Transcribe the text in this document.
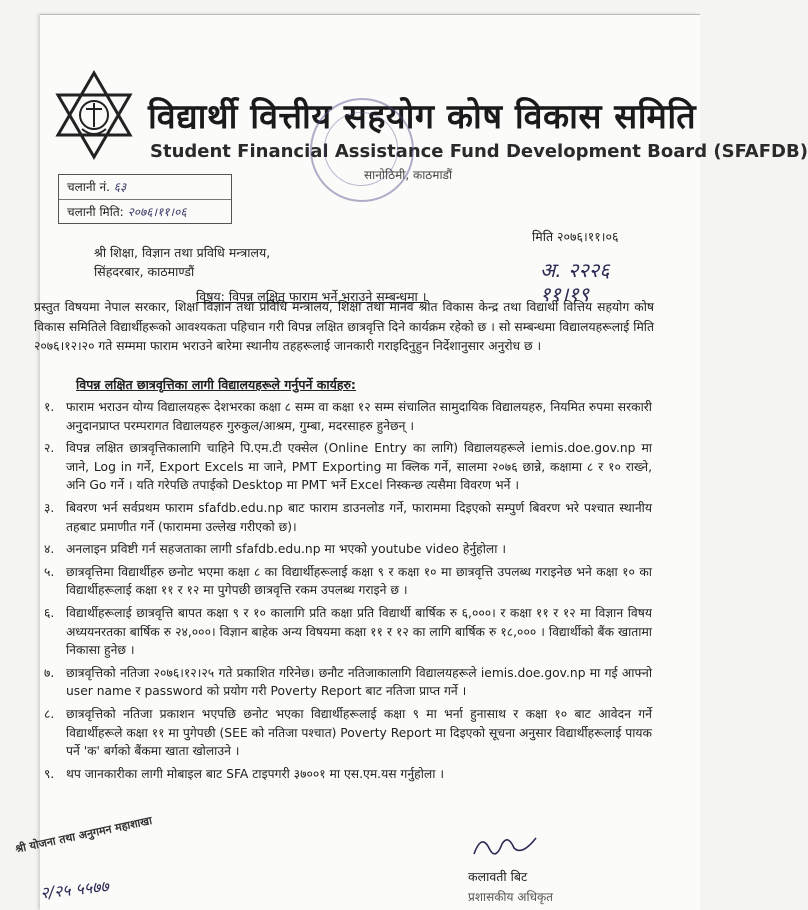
विद्यार्थी वित्तीय सहयोग कोष विकास समिति
Student Financial Assistance Fund Development Board (SFAFDB)
सानोठिमी, काठमाडौं
चलानी नं. ६३
चलानी मिति: २०७६।११।०६
मिति २०७६।११।०६
श्री शिक्षा, विज्ञान तथा प्रविधि मन्त्रालय,
सिंहदरबार, काठमाण्डौं	अ. २२२६
११।१९
विषय: विपन्न लक्षित फाराम भर्ने भराउने सम्बन्धमा ।
प्रस्तुत विषयमा नेपाल सरकार, शिक्षा विज्ञान तथा प्रविधि मन्त्रालय, शिक्षा तथा मानव श्रोत विकास केन्द्र तथा विद्यार्थी वित्तिय सहयोग कोष विकास समितिले विद्यार्थीहरूको आवश्यकता पहिचान गरी विपन्न लक्षित छात्रवृत्ति दिने कार्यक्रम रहेको छ । सो सम्बन्धमा विद्यालयहरूलाई मिति २०७६।१२।२० गते सम्ममा फाराम भराउने बारेमा स्थानीय तहहरूलाई जानकारी गराइदिनुहुन निर्देशानुसार अनुरोध छ ।
विपन्न लक्षित छात्रवृत्तिका लागी विद्यालयहरूले गर्नुपर्ने कार्यहरु:
१. फाराम भराउन योग्य विद्यालयहरू देशभरका कक्षा ८ सम्म वा कक्षा १२ सम्म संचालित सामुदायिक विद्यालयहरु, नियमित रुपमा सरकारी अनुदानप्राप्त परम्परागत विद्यालयहरु गुरुकुल/आश्रम, गुम्बा, मदरसाहरु हुनेछन् ।
२. विपन्न लक्षित छात्रवृत्तिकालागि चाहिने पि.एम.टी एक्सेल (Online Entry का लागि) विद्यालयहरूले iemis.doe.gov.np मा जाने, Log in गर्ने, Export Excels मा जाने, PMT Exporting मा क्लिक गर्ने, सालमा २०७६ छान्ने, कक्षामा ८ र १० राख्ने, अनि Go गर्ने । यति गरेपछि तपाईको Desktop मा PMT भर्ने Excel निस्कन्छ त्यसैमा विवरण भर्ने ।
३. बिवरण भर्न सर्वप्रथम फाराम sfafdb.edu.np बाट फाराम डाउनलोड गर्ने, फाराममा दिइएको सम्पुर्ण बिवरण भरे पश्चात स्थानीय तहबाट प्रमाणीत गर्ने (फाराममा उल्लेख गरीएको छ)।
४. अनलाइन प्रविष्टी गर्न सहजताका लागी sfafdb.edu.np मा भएको youtube video हेर्नुहोला ।
५. छात्रवृत्तिमा विद्यार्थीहरु छनोट भएमा कक्षा ८ का विद्यार्थीहरूलाई कक्षा ९ र कक्षा १० मा छात्रवृत्ति उपलब्ध गराइनेछ भने कक्षा १० का विद्यार्थीहरूलाई कक्षा ११ र १२ मा पुगेपछी छात्रवृत्ति रकम उपलब्ध गराइने छ ।
६. विद्यार्थीहरूलाई छात्रवृत्ति बापत कक्षा ९ र १० कालागि प्रति कक्षा प्रति विद्यार्थी बार्षिक रु ६,०००। र कक्षा ११ र १२ मा विज्ञान विषय अध्ययनरतका बार्षिक रु २४,०००। विज्ञान बाहेक अन्य विषयमा कक्षा ११ र १२ का लागि बार्षिक रु १८,००० । विद्यार्थीको बैंक खातामा निकासा हुनेछ ।
७. छात्रवृत्तिको नतिजा २०७६।१२।२५ गते प्रकाशित गरिनेछ। छनौट नतिजाकालागि विद्यालयहरूले iemis.doe.gov.np मा गई आफ्नो user name र password को प्रयोग गरी Poverty Report बाट नतिजा प्राप्त गर्ने ।
८. छात्रवृत्तिको नतिजा प्रकाशन भएपछि छनोट भएका विद्यार्थीहरूलाई कक्षा ९ मा भर्ना हुनासाथ र कक्षा १० बाट आवेदन गर्ने विद्यार्थीहरूले कक्षा ११ मा पुगेपछी (SEE को नतिजा पश्चात) Poverty Report मा दिइएको सूचना अनुसार विद्यार्थीहरूलाई पायक पर्ने 'क' बर्गको बैंकमा खाता खोलाउने ।
९. थप जानकारीका लागी मोबाइल बाट SFA टाइपगरी ३७००१ मा एस.एम.यस गर्नुहोला ।
श्री योजना तथा अनुगमन महाशाखा
२/२५ ५५७७	कलावती बिट
प्रशासकीय अधिकृत
